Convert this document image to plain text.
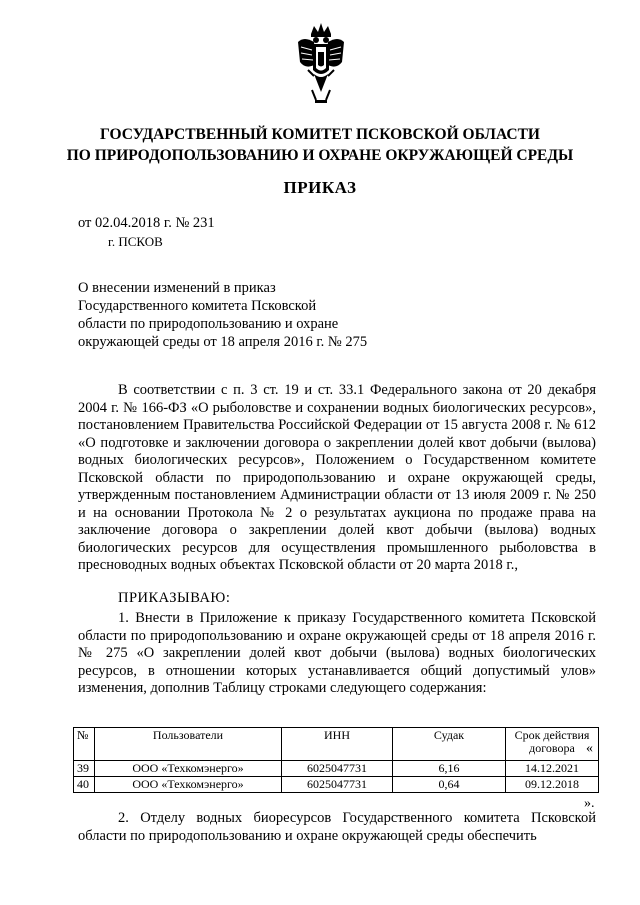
ГОСУДАРСТВЕННЫЙ КОМИТЕТ ПСКОВСКОЙ ОБЛАСТИ
ПО ПРИРОДОПОЛЬЗОВАНИЮ И ОХРАНЕ ОКРУЖАЮЩЕЙ СРЕДЫ
ПРИКАЗ
от 02.04.2018 г. № 231
г. ПСКОВ
О внесении изменений в приказ
Государственного комитета Псковской
области по природопользованию и охране
окружающей среды от 18 апреля 2016 г. № 275
В соответствии с п. 3 ст. 19 и ст. 33.1 Федерального закона от 20 декабря 2004 г. № 166-ФЗ «О рыболовстве и сохранении водных биологических ресурсов», постановлением Правительства Российской Федерации от 15 августа 2008 г. № 612 «О подготовке и заключении договора о закреплении долей квот добычи (вылова) водных биологических ресурсов», Положением о Государственном комитете Псковской области по природопользованию и охране окружающей среды, утвержденным постановлением Администрации области от 13 июля 2009 г. № 250 и на основании Протокола № 2 о результатах аукциона по продаже права на заключение договора о закреплении долей квот добычи (вылова) водных биологических ресурсов для осуществления промышленного рыболовства в пресноводных водных объектах Псковской области от 20 марта 2018 г.,
ПРИКАЗЫВАЮ:
1. Внести в Приложение к приказу Государственного комитета Псковской области по природопользованию и охране окружающей среды от 18 апреля 2016 г. № 275 «О закреплении долей квот добычи (вылова) водных биологических ресурсов, в отношении которых устанавливается общий допустимый улов» изменения, дополнив Таблицу строками следующего содержания:
«
№	Пользователи	ИНН	Судак	Срок действия договора
39	ООО «Техкомэнерго»	6025047731	6,16	14.12.2021
40	ООО «Техкомэнерго»	6025047731	0,64	09.12.2018
».
2. Отделу водных биоресурсов Государственного комитета Псковской области по природопользованию и охране окружающей среды обеспечить
